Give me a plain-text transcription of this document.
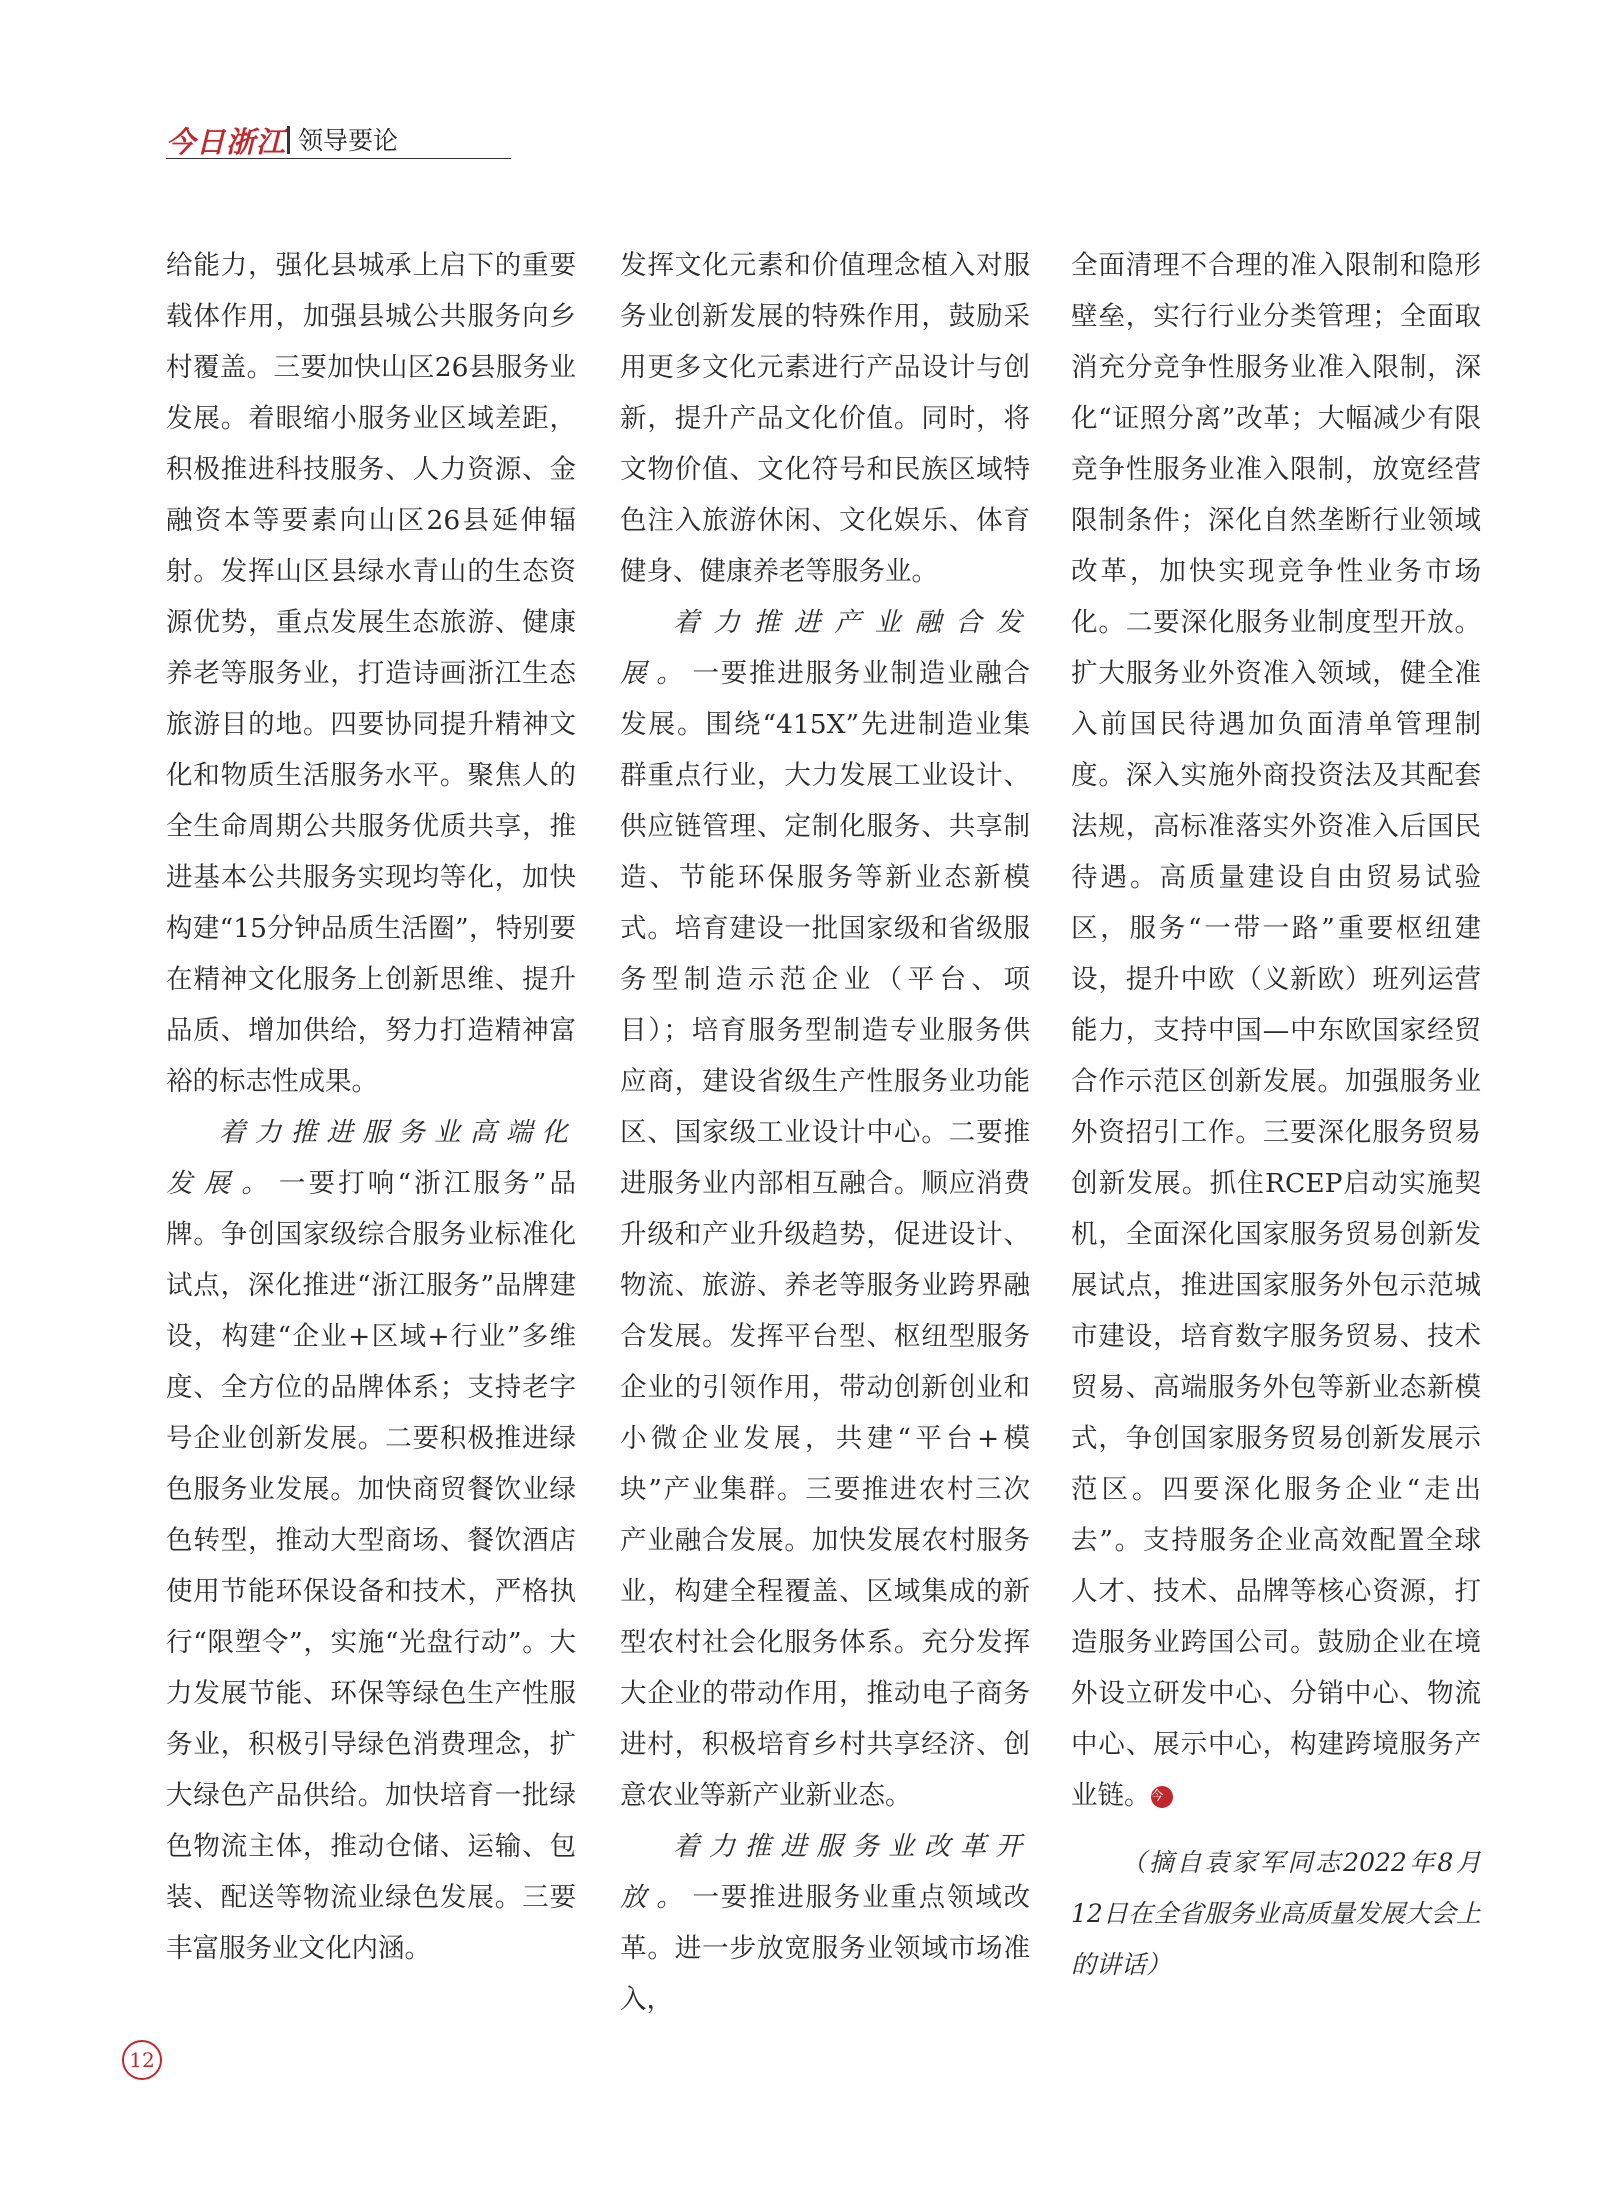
今日浙江 领导要论

给能力，强化县城承上启下的重要载体作用，加强县城公共服务向乡村覆盖。三要加快山区26县服务业发展。着眼缩小服务业区域差距，积极推进科技服务、人力资源、金融资本等要素向山区26县延伸辐射。发挥山区县绿水青山的生态资源优势，重点发展生态旅游、健康养老等服务业，打造诗画浙江生态旅游目的地。四要协同提升精神文化和物质生活服务水平。聚焦人的全生命周期公共服务优质共享，推进基本公共服务实现均等化，加快构建“15分钟品质生活圈”，特别要在精神文化服务上创新思维、提升品质、增加供给，努力打造精神富裕的标志性成果。

着力推进服务业高端化发展。一要打响“浙江服务”品牌。争创国家级综合服务业标准化试点，深化推进“浙江服务”品牌建设，构建“企业+区域+行业”多维度、全方位的品牌体系；支持老字号企业创新发展。二要积极推进绿色服务业发展。加快商贸餐饮业绿色转型，推动大型商场、餐饮酒店使用节能环保设备和技术，严格执行“限塑令”，实施“光盘行动”。大力发展节能、环保等绿色生产性服务业，积极引导绿色消费理念，扩大绿色产品供给。加快培育一批绿色物流主体，推动仓储、运输、包装、配送等物流业绿色发展。三要丰富服务业文化内涵。

发挥文化元素和价值理念植入对服务业创新发展的特殊作用，鼓励采用更多文化元素进行产品设计与创新，提升产品文化价值。同时，将文物价值、文化符号和民族区域特色注入旅游休闲、文化娱乐、体育健身、健康养老等服务业。

着力推进产业融合发展。一要推进服务业制造业融合发展。围绕“415X”先进制造业集群重点行业，大力发展工业设计、供应链管理、定制化服务、共享制造、节能环保服务等新业态新模式。培育建设一批国家级和省级服务型制造示范企业（平台、项目）；培育服务型制造专业服务供应商，建设省级生产性服务业功能区、国家级工业设计中心。二要推进服务业内部相互融合。顺应消费升级和产业升级趋势，促进设计、物流、旅游、养老等服务业跨界融合发展。发挥平台型、枢纽型服务企业的引领作用，带动创新创业和小微企业发展，共建“平台+模块”产业集群。三要推进农村三次产业融合发展。加快发展农村服务业，构建全程覆盖、区域集成的新型农村社会化服务体系。充分发挥大企业的带动作用，推动电子商务进村，积极培育乡村共享经济、创意农业等新产业新业态。

着力推进服务业改革开放。一要推进服务业重点领域改革。进一步放宽服务业领域市场准入，

全面清理不合理的准入限制和隐形壁垒，实行行业分类管理；全面取消充分竞争性服务业准入限制，深化“证照分离”改革；大幅减少有限竞争性服务业准入限制，放宽经营限制条件；深化自然垄断行业领域改革，加快实现竞争性业务市场化。二要深化服务业制度型开放。扩大服务业外资准入领域，健全准入前国民待遇加负面清单管理制度。深入实施外商投资法及其配套法规，高标准落实外资准入后国民待遇。高质量建设自由贸易试验区，服务“一带一路”重要枢纽建设，提升中欧（义新欧）班列运营能力，支持中国—中东欧国家经贸合作示范区创新发展。加强服务业外资招引工作。三要深化服务贸易创新发展。抓住RCEP启动实施契机，全面深化国家服务贸易创新发展试点，推进国家服务外包示范城市建设，培育数字服务贸易、技术贸易、高端服务外包等新业态新模式，争创国家服务贸易创新发展示范区。四要深化服务企业“走出去”。支持服务企业高效配置全球人才、技术、品牌等核心资源，打造服务业跨国公司。鼓励企业在境外设立研发中心、分销中心、物流中心、展示中心，构建跨境服务产业链。今

（摘自袁家军同志2022年8月12日在全省服务业高质量发展大会上的讲话）

12
